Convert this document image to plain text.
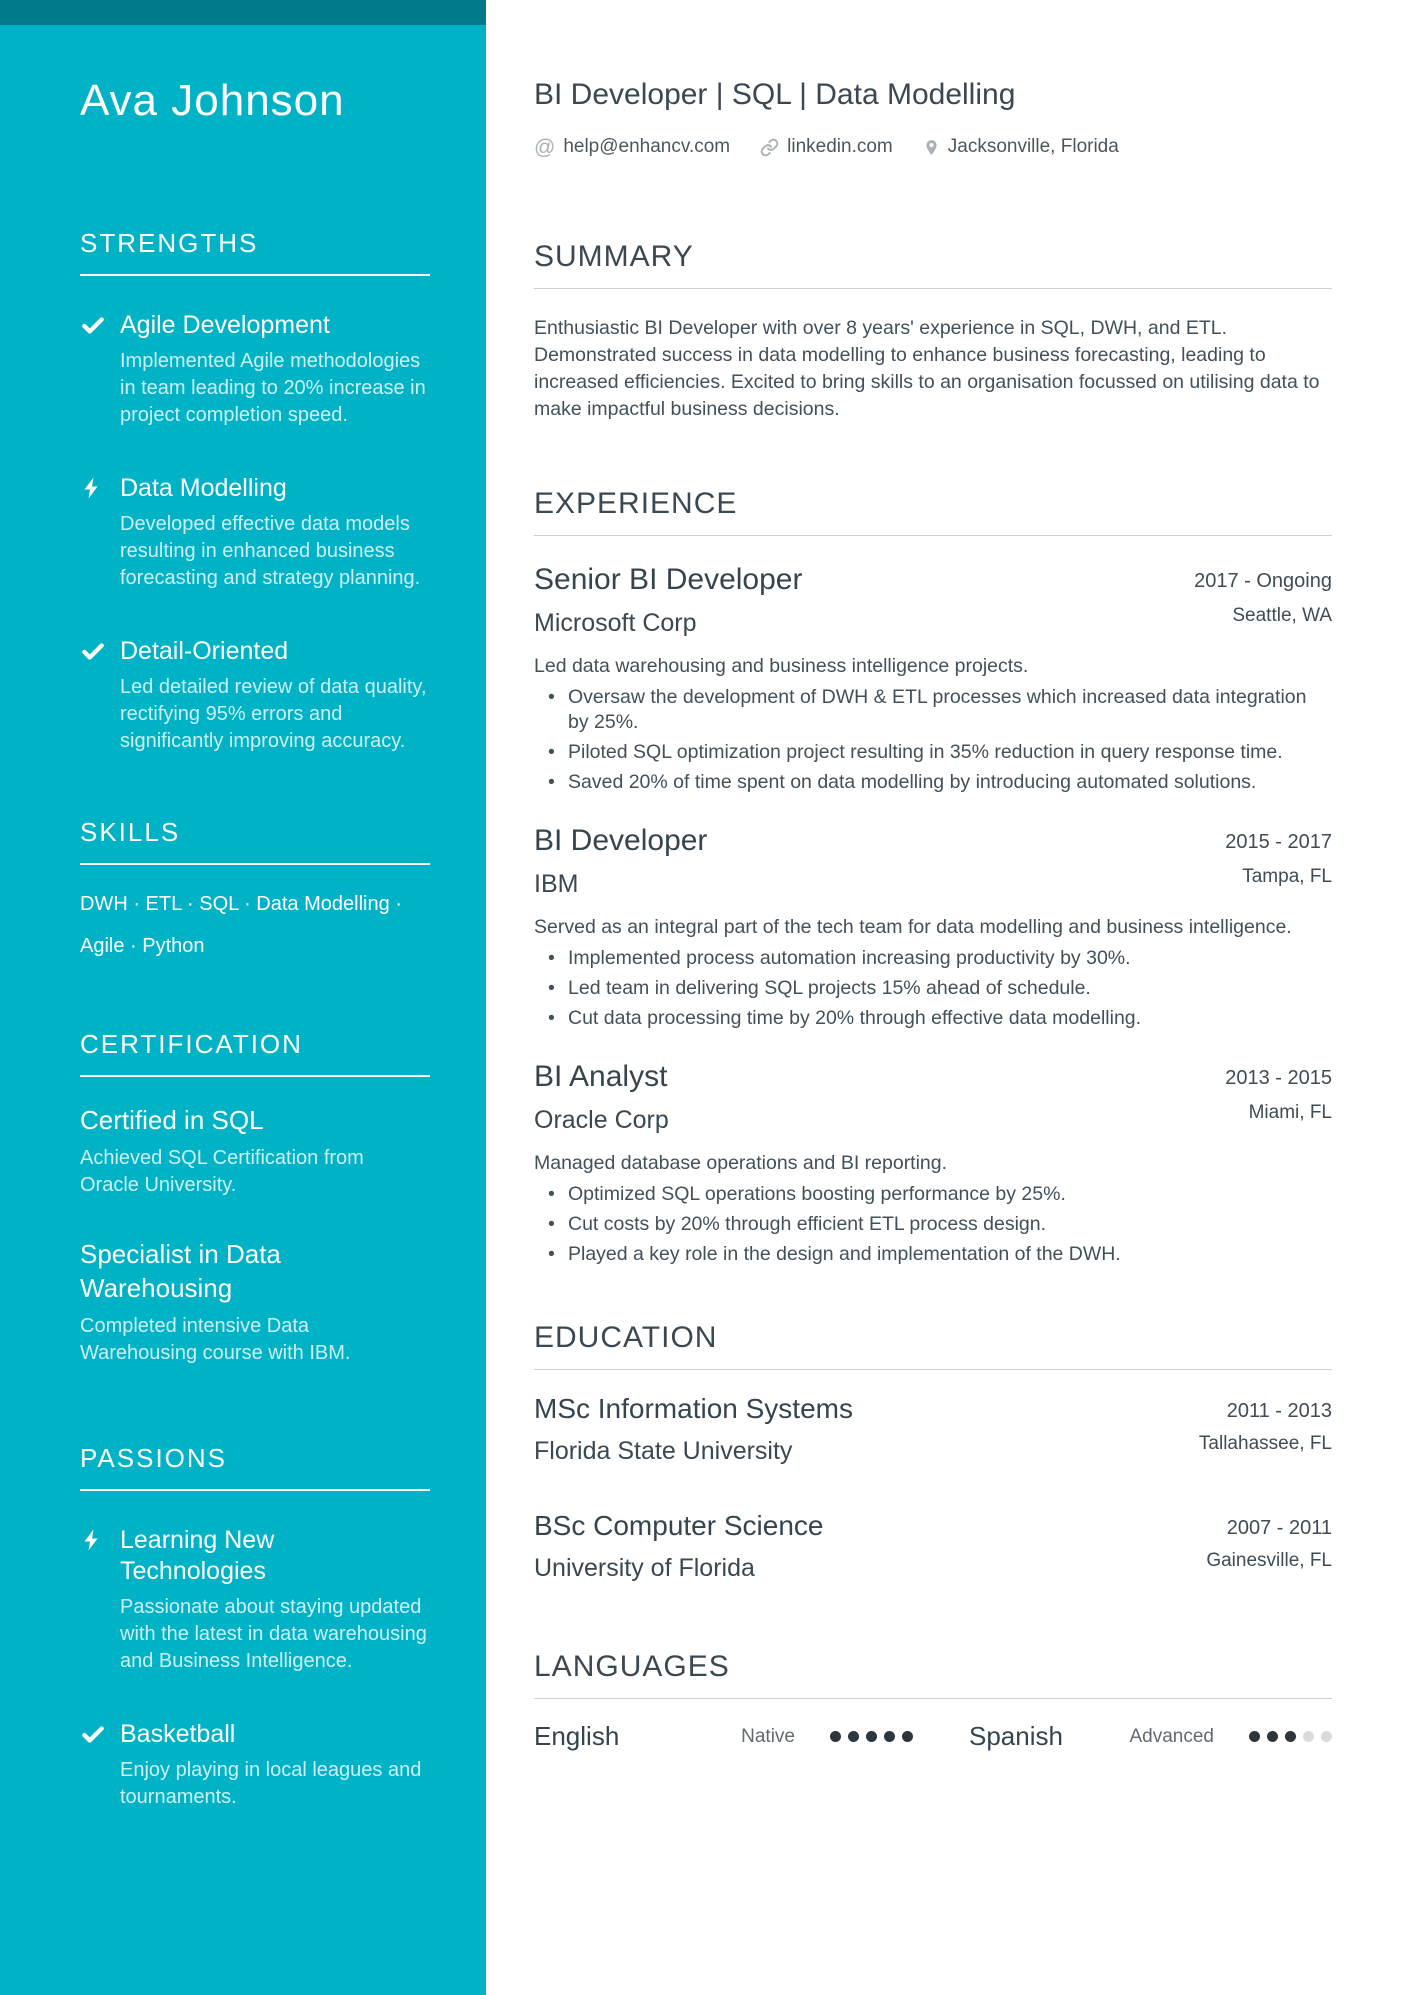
Ava Johnson
STRENGTHS
Agile Development
Implemented Agile methodologies in team leading to 20% increase in project completion speed.
Data Modelling
Developed effective data models resulting in enhanced business forecasting and strategy planning.
Detail-Oriented
Led detailed review of data quality, rectifying 95% errors and significantly improving accuracy.
SKILLS
DWH · ETL · SQL · Data Modelling · Agile · Python
CERTIFICATION
Certified in SQL
Achieved SQL Certification from Oracle University.
Specialist in Data Warehousing
Completed intensive Data Warehousing course with IBM.
PASSIONS
Learning New Technologies
Passionate about staying updated with the latest in data warehousing and Business Intelligence.
Basketball
Enjoy playing in local leagues and tournaments.
BI Developer | SQL | Data Modelling
@ help@enhancv.com	linkedin.com	Jacksonville, Florida
SUMMARY

Enthusiastic BI Developer with over 8 years' experience in SQL, DWH, and ETL. Demonstrated success in data modelling to enhance business forecasting, leading to increased efficiencies. Excited to bring skills to an organisation focussed on utilising data to make impactful business decisions.

EXPERIENCE
Senior BI Developer	2017 - Ongoing
Microsoft Corp	Seattle, WA
Led data warehousing and business intelligence projects.
• Oversaw the development of DWH & ETL processes which increased data integration by 25%.
• Piloted SQL optimization project resulting in 35% reduction in query response time.
• Saved 20% of time spent on data modelling by introducing automated solutions.
BI Developer	2015 - 2017
IBM	Tampa, FL
Served as an integral part of the tech team for data modelling and business intelligence.
• Implemented process automation increasing productivity by 30%.
• Led team in delivering SQL projects 15% ahead of schedule.
• Cut data processing time by 20% through effective data modelling.
BI Analyst	2013 - 2015
Oracle Corp	Miami, FL
Managed database operations and BI reporting.
• Optimized SQL operations boosting performance by 25%.
• Cut costs by 20% through efficient ETL process design.
• Played a key role in the design and implementation of the DWH.
EDUCATION
MSc Information Systems	2011 - 2013
Florida State University	Tallahassee, FL
BSc Computer Science	2007 - 2011
University of Florida	Gainesville, FL
LANGUAGES
English	Native	Spanish	Advanced
